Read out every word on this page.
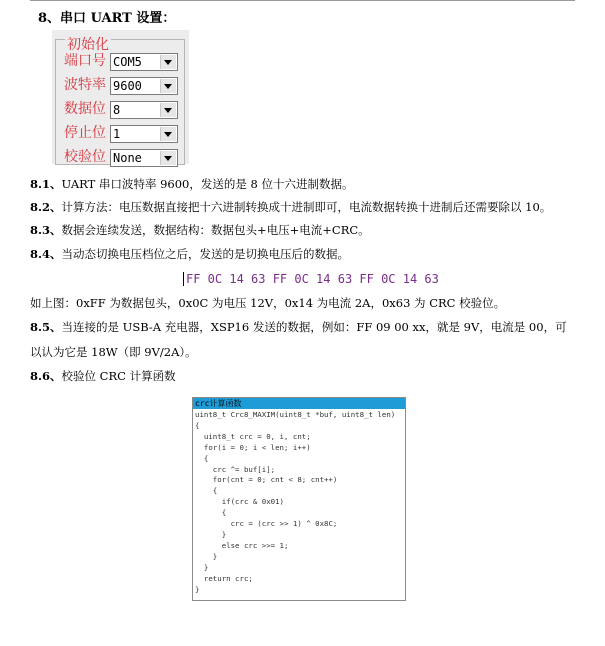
8、串口 UART 设置：
初始化
端口号 COM5
波特率 9600
数据位 8
停止位 1
校验位 None
8.1、UART 串口波特率 9600，发送的是 8 位十六进制数据。
8.2、计算方法：电压数据直接把十六进制转换成十进制即可，电流数据转换十进制后还需要除以 10。
8.3、数据会连续发送，数据结构：数据包头+电压+电流+CRC。
8.4、当动态切换电压档位之后，发送的是切换电压后的数据。
FF 0C 14 63 FF 0C 14 63 FF 0C 14 63
如上图：0xFF 为数据包头，0x0C 为电压 12V，0x14 为电流 2A，0x63 为 CRC 校验位。
8.5、当连接的是 USB-A 充电器，XSP16 发送的数据，例如：FF 09 00 xx，就是 9V，电流是 00，可
以认为它是 18W（即 9V/2A）。
8.6、校验位 CRC 计算函数
crc计算函数
uint8_t Crc8_MAXIM(uint8_t *buf, uint8_t len)
{
uint8_t crc = 0, i, cnt;
for(i = 0; i < len; i++)
{
crc ^= buf[i];
for(cnt = 0; cnt < 8; cnt++)
{
if(crc & 0x01)
{
crc = (crc >> 1) ^ 0x8C;
}
else crc >>= 1;
}
}
return crc;
}
